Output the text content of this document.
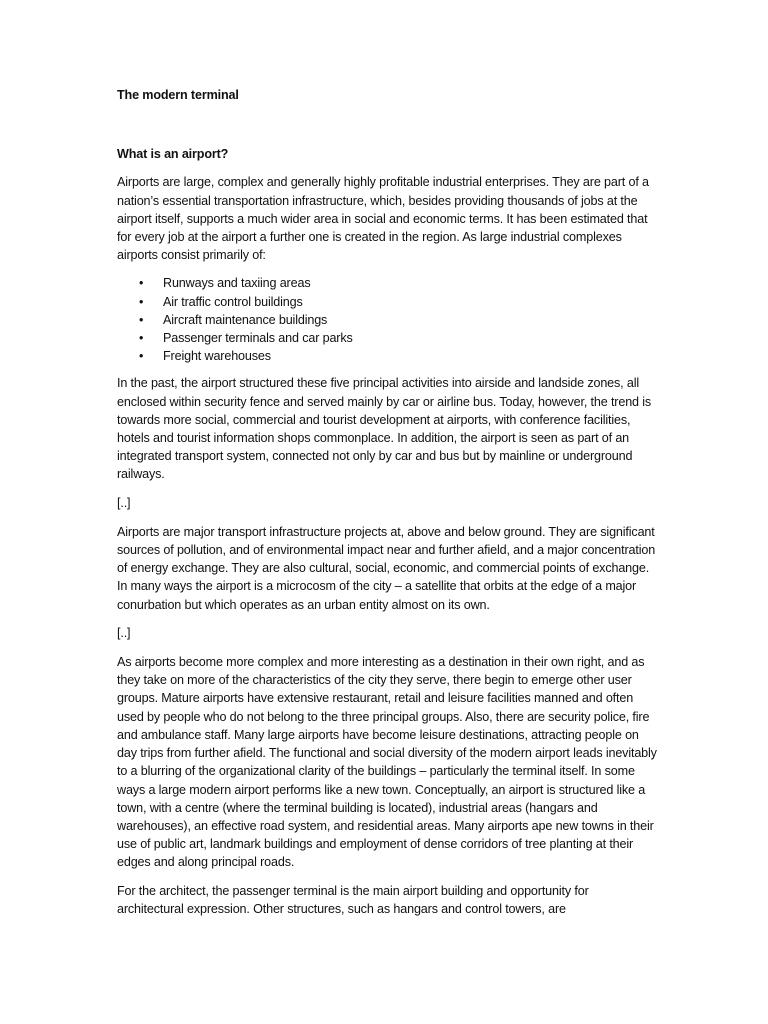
The modern terminal
What is an airport?

Airports are large, complex and generally highly profitable industrial enterprises. They are part of a nation’s essential transportation infrastructure, which, besides providing thousands of jobs at the airport itself, supports a much wider area in social and economic terms. It has been estimated that for every job at the airport a further one is created in the region. As large industrial complexes airports consist primarily of:

• Runways and taxiing areas
• Air traffic control buildings
• Aircraft maintenance buildings
• Passenger terminals and car parks
• Freight warehouses

In the past, the airport structured these five principal activities into airside and landside zones, all enclosed within security fence and served mainly by car or airline bus. Today, however, the trend is towards more social, commercial and tourist development at airports, with conference facilities, hotels and tourist information shops commonplace. In addition, the airport is seen as part of an integrated transport system, connected not only by car and bus but by mainline or underground railways.

[..]

Airports are major transport infrastructure projects at, above and below ground. They are significant sources of pollution, and of environmental impact near and further afield, and a major concentration of energy exchange. They are also cultural, social, economic, and commercial points of exchange. In many ways the airport is a microcosm of the city – a satellite that orbits at the edge of a major conurbation but which operates as an urban entity almost on its own.

[..]

As airports become more complex and more interesting as a destination in their own right, and as they take on more of the characteristics of the city they serve, there begin to emerge other user groups. Mature airports have extensive restaurant, retail and leisure facilities manned and often used by people who do not belong to the three principal groups. Also, there are security police, fire and ambulance staff. Many large airports have become leisure destinations, attracting people on day trips from further afield. The functional and social diversity of the modern airport leads inevitably to a blurring of the organizational clarity of the buildings – particularly the terminal itself. In some ways a large modern airport performs like a new town. Conceptually, an airport is structured like a town, with a centre (where the terminal building is located), industrial areas (hangars and warehouses), an effective road system, and residential areas. Many airports ape new towns in their use of public art, landmark buildings and employment of dense corridors of tree planting at their edges and along principal roads.

For the architect, the passenger terminal is the main airport building and opportunity for architectural expression. Other structures, such as hangars and control towers, are
